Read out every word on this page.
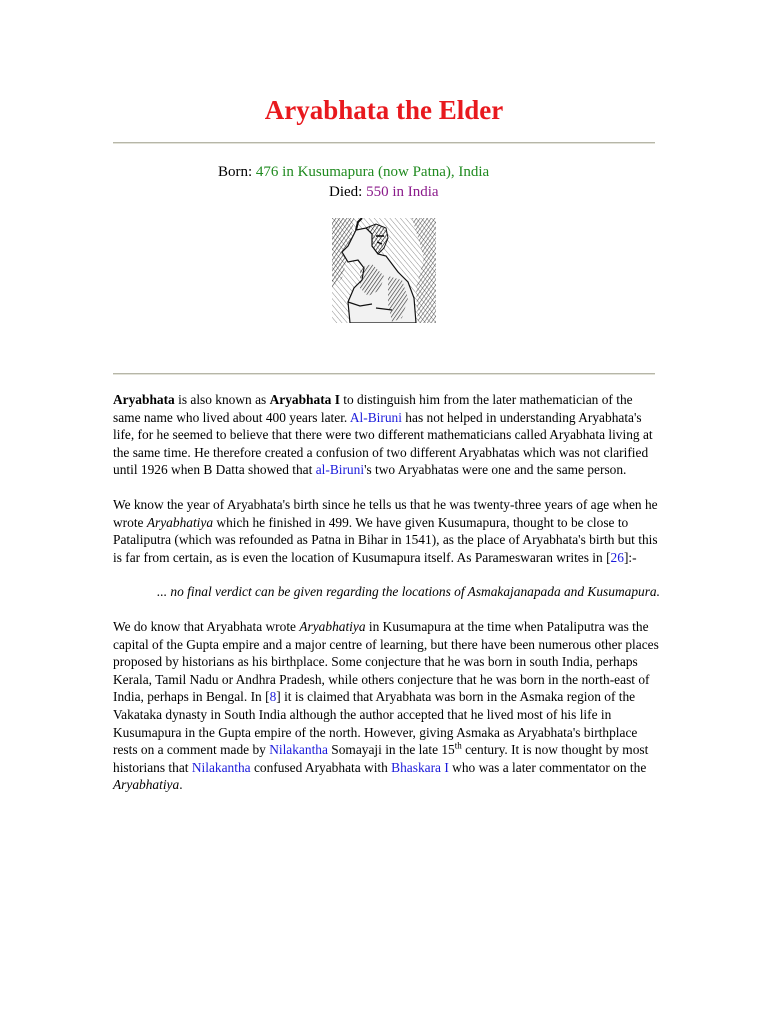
Aryabhata the Elder
Born: 476 in Kusumapura (now Patna), India
Died: 550 in India

Aryabhata is also known as Aryabhata I to distinguish him from the later mathematician of the same name who lived about 400 years later. Al-Biruni has not helped in understanding Aryabhata's life, for he seemed to believe that there were two different mathematicians called Aryabhata living at the same time. He therefore created a confusion of two different Aryabhatas which was not clarified until 1926 when B Datta showed that al-Biruni's two Aryabhatas were one and the same person.

We know the year of Aryabhata's birth since he tells us that he was twenty-three years of age when he wrote Aryabhatiya which he finished in 499. We have given Kusumapura, thought to be close to Pataliputra (which was refounded as Patna in Bihar in 1541), as the place of Aryabhata's birth but this is far from certain, as is even the location of Kusumapura itself. As Parameswaran writes in [26]:-

... no final verdict can be given regarding the locations of Asmakajanapada and Kusumapura.

We do know that Aryabhata wrote Aryabhatiya in Kusumapura at the time when Pataliputra was the capital of the Gupta empire and a major centre of learning, but there have been numerous other places proposed by historians as his birthplace. Some conjecture that he was born in south India, perhaps Kerala, Tamil Nadu or Andhra Pradesh, while others conjecture that he was born in the north-east of India, perhaps in Bengal. In [8] it is claimed that Aryabhata was born in the Asmaka region of the Vakataka dynasty in South India although the author accepted that he lived most of his life in Kusumapura in the Gupta empire of the north. However, giving Asmaka as Aryabhata's birthplace rests on a comment made by Nilakantha Somayaji in the late 15th century. It is now thought by most historians that Nilakantha confused Aryabhata with Bhaskara I who was a later commentator on the Aryabhatiya.
